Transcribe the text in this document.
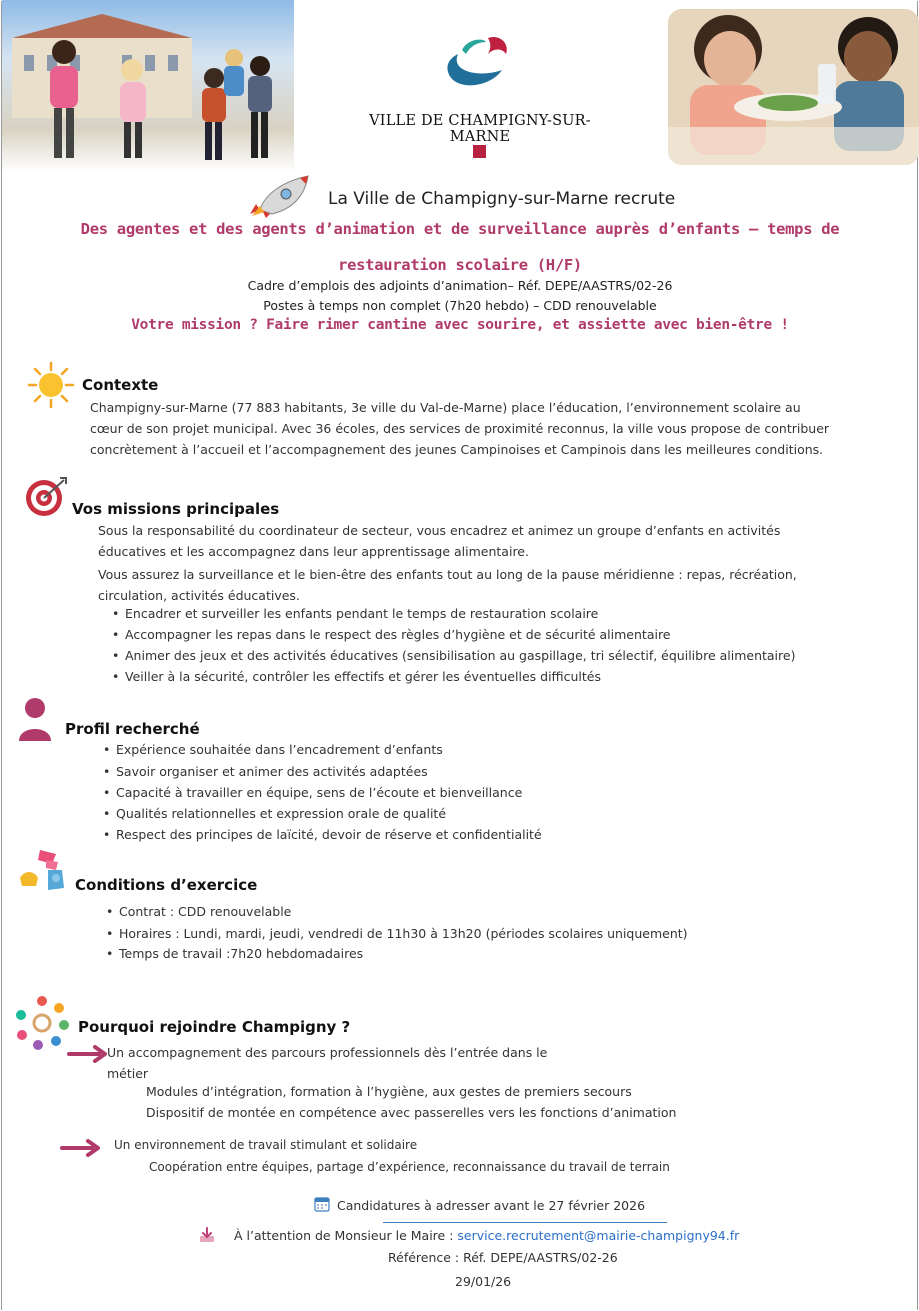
VILLE DE CHAMPIGNY-SUR-MARNE
La Ville de Champigny-sur-Marne recrute
Des agentes et des agents d’animation et de surveillance auprès d’enfants – temps de
restauration scolaire (H/F)
Cadre d’emplois des adjoints d’animation– Réf. DEPE/AASTRS/02-26
Postes à temps non complet (7h20 hebdo) – CDD renouvelable
Votre mission ? Faire rimer cantine avec sourire, et assiette avec bien-être !
Contexte
Champigny-sur-Marne (77 883 habitants, 3e ville du Val-de-Marne) place l’éducation, l’environnement scolaire au
cœur de son projet municipal. Avec 36 écoles, des services de proximité reconnus, la ville vous propose de contribuer
concrètement à l’accueil et l’accompagnement des jeunes Campinoises et Campinois dans les meilleures conditions.
Vos missions principales
Sous la responsabilité du coordinateur de secteur, vous encadrez et animez un groupe d’enfants en activités
éducatives et les accompagnez dans leur apprentissage alimentaire.
Vous assurez la surveillance et le bien-être des enfants tout au long de la pause méridienne : repas, récréation,
circulation, activités éducatives.
• Encadrer et surveiller les enfants pendant le temps de restauration scolaire
• Accompagner les repas dans le respect des règles d’hygiène et de sécurité alimentaire
• Animer des jeux et des activités éducatives (sensibilisation au gaspillage, tri sélectif, équilibre alimentaire)
• Veiller à la sécurité, contrôler les effectifs et gérer les éventuelles difficultés
Profil recherché
• Expérience souhaitée dans l’encadrement d’enfants
• Savoir organiser et animer des activités adaptées
• Capacité à travailler en équipe, sens de l’écoute et bienveillance
• Qualités relationnelles et expression orale de qualité
• Respect des principes de laïcité, devoir de réserve et confidentialité
Conditions d’exercice
• Contrat : CDD renouvelable
• Horaires : Lundi, mardi, jeudi, vendredi de 11h30 à 13h20 (périodes scolaires uniquement)
• Temps de travail :7h20 hebdomadaires
Pourquoi rejoindre Champigny ?
Un accompagnement des parcours professionnels dès l’entrée dans le
métier
Modules d’intégration, formation à l’hygiène, aux gestes de premiers secours
Dispositif de montée en compétence avec passerelles vers les fonctions d’animation
Un environnement de travail stimulant et solidaire
Coopération entre équipes, partage d’expérience, reconnaissance du travail de terrain
Candidatures à adresser avant le 27 février 2026
À l’attention de Monsieur le Maire : service.recrutement@mairie-champigny94.fr
Référence : Réf. DEPE/AASTRS/02-26
29/01/26
